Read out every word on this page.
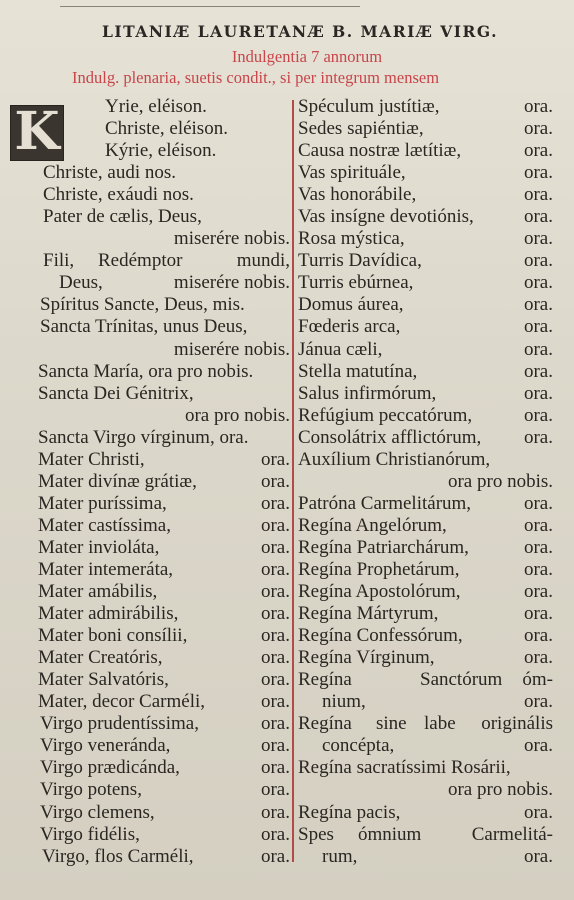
LITANIÆ LAURETANÆ B. MARIÆ VIRG.
Indulgentia 7 annorum
Indulg. plenaria, suetis condit., si per integrum mensem
K Yrie, eléison.
Christe, eléison.
Kýrie, eléison.
Christe, audi nos.
Christe, exáudi nos.
Pater de cælis, Deus,
miserére nobis.
Fili, Redémptor	mundi,
Deus,	miserére nobis.
Spíritus Sancte, Deus, mis.
Sancta Trínitas, unus Deus,
miserére nobis.
Sancta María, ora pro nobis.
Sancta Dei Génitrix,
ora pro nobis.
Sancta Virgo vírginum, ora.
Mater Christi,	ora.
Mater divínæ grátiæ,	ora.
Mater puríssima,	ora.
Mater castíssima,	ora.
Mater invioláta,	ora.
Mater intemeráta,	ora.
Mater amábilis,	ora.
Mater admirábilis,	ora.
Mater boni consílii,	ora.
Mater Creatóris,	ora.
Mater Salvatóris,	ora.
Mater, decor Carméli,	ora.
Virgo prudentíssima,	ora.
Virgo veneránda,	ora.
Virgo prædicánda,	ora.
Virgo potens,	ora.
Virgo clemens,	ora.
Virgo fidélis,	ora.
Virgo, flos Carméli,	ora.
Spéculum justítiæ,	ora.
Sedes sapiéntiæ,	ora.
Causa nostræ lætítiæ,	ora.
Vas spirituále,	ora.
Vas honorábile,	ora.
Vas insígne devotiónis,	ora.
Rosa mýstica,	ora.
Turris Davídica,	ora.
Turris ebúrnea,	ora.
Domus áurea,	ora.
Fœderis arca,	ora.
Jánua cæli,	ora.
Stella matutína,	ora.
Salus infirmórum,	ora.
Refúgium peccatórum,	ora.
Consolátrix afflictórum, ora.
Auxílium Christianórum,
ora pro nobis.
Patróna Carmelitárum,	ora.
Regína Angelórum,	ora.
Regína Patriarchárum,	ora.
Regína Prophetárum,	ora.
Regína Apostolórum,	ora.
Regína Mártyrum,	ora.
Regína Confessórum,	ora.
Regína Vírginum,	ora.
Regína	Sanctórum óm-
nium,	ora.
Regína sine labe originális
concépta,	ora.
Regína sacratíssimi Rosárii,
ora pro nobis.
Regína pacis,	ora.
Spes ómnium	Carmelitá-
rum,	ora.
